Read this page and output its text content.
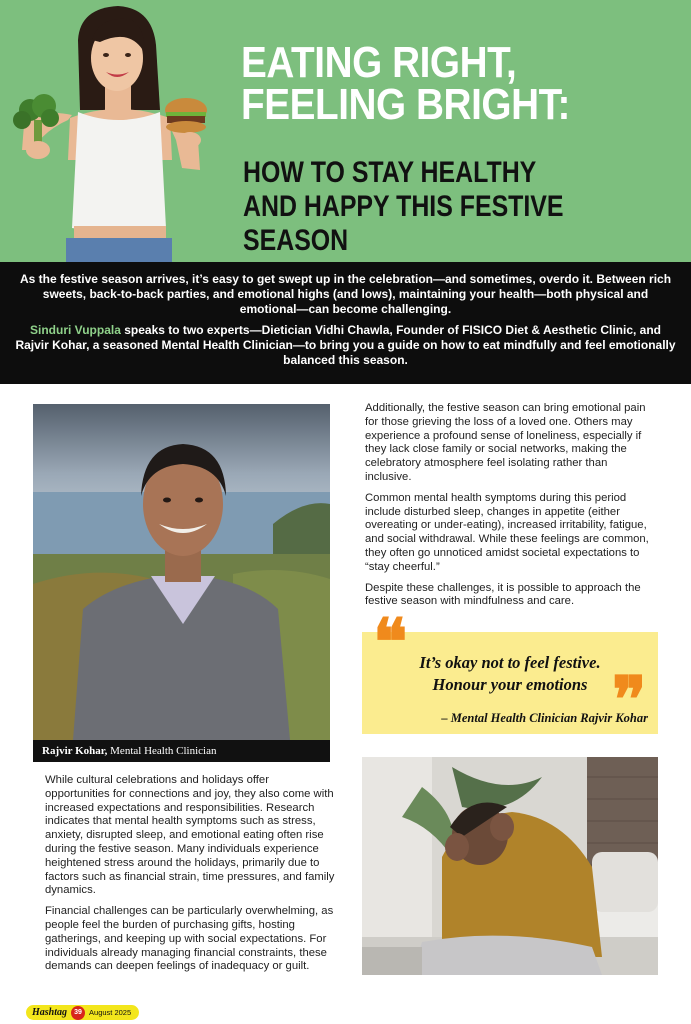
EATING RIGHT,
FEELING BRIGHT:
HOW TO STAY HEALTHY
AND HAPPY THIS FESTIVE SEASON

As the festive season arrives, it’s easy to get swept up in the celebration—and sometimes, overdo it. Between rich sweets, back-to-back parties, and emotional highs (and lows), maintaining your health—both physical and emotional—can become challenging.

Sinduri Vuppala speaks to two experts—Dietician Vidhi Chawla, Founder of FISICO Diet & Aesthetic Clinic, and Rajvir Kohar, a seasoned Mental Health Clinician—to bring you a guide on how to eat mindfully and feel emotionally balanced this season.

Rajvir Kohar, Mental Health Clinician

While cultural celebrations and holidays offer opportunities for connections and joy, they also come with increased expectations and responsibilities. Research indicates that mental health symptoms such as stress, anxiety, disrupted sleep, and emotional eating often rise during the festive season. Many individuals experience heightened stress around the holidays, primarily due to factors such as financial strain, time pressures, and family dynamics.

Financial challenges can be particularly overwhelming, as people feel the burden of purchasing gifts, hosting gatherings, and keeping up with social expectations. For individuals already managing financial constraints, these demands can deepen feelings of inadequacy or guilt.

Additionally, the festive season can bring emotional pain for those grieving the loss of a loved one. Others may experience a profound sense of loneliness, especially if they lack close family or social networks, making the celebratory atmosphere feel isolating rather than inclusive.

Common mental health symptoms during this period include disturbed sleep, changes in appetite (either overeating or under-eating), increased irritability, fatigue, and social withdrawal. While these feelings are common, they often go unnoticed amidst societal expectations to “stay cheerful.”

Despite these challenges, it is possible to approach the festive season with mindfulness and care.

❝ It’s okay not to feel festive.
Honour your emotions ❞
– Mental Health Clinician Rajvir Kohar
Hashtag	39 August 2025
